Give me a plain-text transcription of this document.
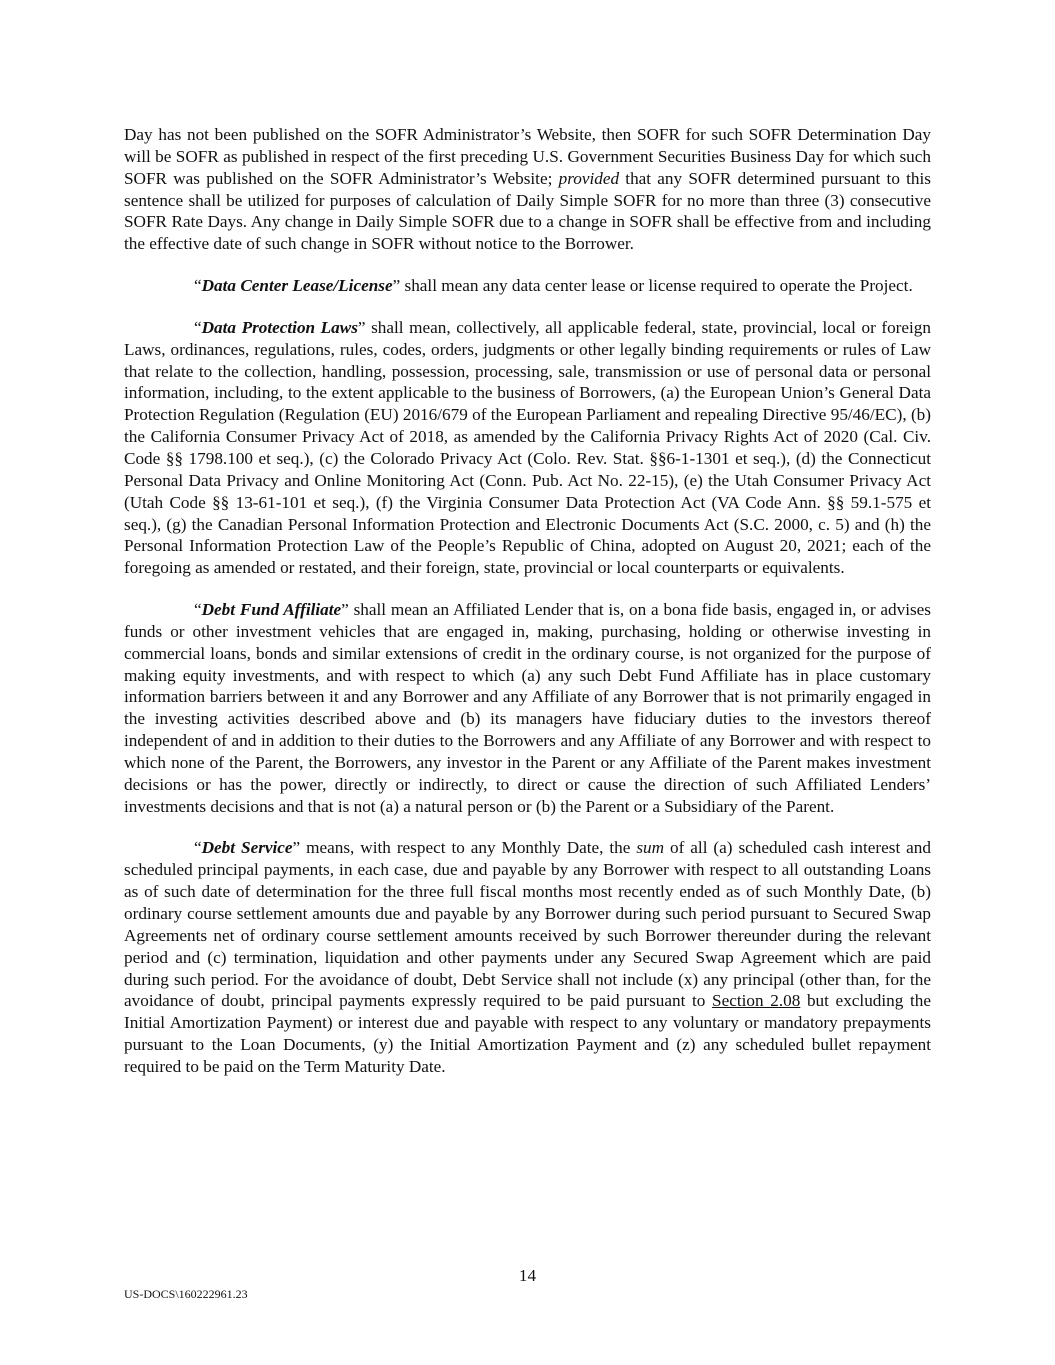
Day has not been published on the SOFR Administrator’s Website, then SOFR for such SOFR Determination Day will be SOFR as published in respect of the first preceding U.S. Government Securities Business Day for which such SOFR was published on the SOFR Administrator’s Website; provided that any SOFR determined pursuant to this sentence shall be utilized for purposes of calculation of Daily Simple SOFR for no more than three (3) consecutive SOFR Rate Days. Any change in Daily Simple SOFR due to a change in SOFR shall be effective from and including the effective date of such change in SOFR without notice to the Borrower.

“Data Center Lease/License” shall mean any data center lease or license required to operate the Project.

“Data Protection Laws” shall mean, collectively, all applicable federal, state, provincial, local or foreign Laws, ordinances, regulations, rules, codes, orders, judgments or other legally binding requirements or rules of Law that relate to the collection, handling, possession, processing, sale, transmission or use of personal data or personal information, including, to the extent applicable to the business of Borrowers, (a) the European Union’s General Data Protection Regulation (Regulation (EU) 2016/679 of the European Parliament and repealing Directive 95/46/EC), (b) the California Consumer Privacy Act of 2018, as amended by the California Privacy Rights Act of 2020 (Cal. Civ. Code §§ 1798.100 et seq.), (c) the Colorado Privacy Act (Colo. Rev. Stat. §§6-1-1301 et seq.), (d) the Connecticut Personal Data Privacy and Online Monitoring Act (Conn. Pub. Act No. 22-15), (e) the Utah Consumer Privacy Act (Utah Code §§ 13-61-101 et seq.), (f) the Virginia Consumer Data Protection Act (VA Code Ann. §§ 59.1-575 et seq.), (g) the Canadian Personal Information Protection and Electronic Documents Act (S.C. 2000, c. 5) and (h) the Personal Information Protection Law of the People’s Republic of China, adopted on August 20, 2021; each of the foregoing as amended or restated, and their foreign, state, provincial or local counterparts or equivalents.

“Debt Fund Affiliate” shall mean an Affiliated Lender that is, on a bona fide basis, engaged in, or advises funds or other investment vehicles that are engaged in, making, purchasing, holding or otherwise investing in commercial loans, bonds and similar extensions of credit in the ordinary course, is not organized for the purpose of making equity investments, and with respect to which (a) any such Debt Fund Affiliate has in place customary information barriers between it and any Borrower and any Affiliate of any Borrower that is not primarily engaged in the investing activities described above and (b) its managers have fiduciary duties to the investors thereof independent of and in addition to their duties to the Borrowers and any Affiliate of any Borrower and with respect to which none of the Parent, the Borrowers, any investor in the Parent or any Affiliate of the Parent makes investment decisions or has the power, directly or indirectly, to direct or cause the direction of such Affiliated Lenders’ investments decisions and that is not (a) a natural person or (b) the Parent or a Subsidiary of the Parent.

“Debt Service” means, with respect to any Monthly Date, the sum of all (a) scheduled cash interest and scheduled principal payments, in each case, due and payable by any Borrower with respect to all outstanding Loans as of such date of determination for the three full fiscal months most recently ended as of such Monthly Date, (b) ordinary course settlement amounts due and payable by any Borrower during such period pursuant to Secured Swap Agreements net of ordinary course settlement amounts received by such Borrower thereunder during the relevant period and (c) termination, liquidation and other payments under any Secured Swap Agreement which are paid during such period. For the avoidance of doubt, Debt Service shall not include (x) any principal (other than, for the avoidance of doubt, principal payments expressly required to be paid pursuant to Section 2.08 but excluding the Initial Amortization Payment) or interest due and payable with respect to any voluntary or mandatory prepayments pursuant to the Loan Documents, (y) the Initial Amortization Payment and (z) any scheduled bullet repayment required to be paid on the Term Maturity Date.

14
US-DOCS\160222961.23
